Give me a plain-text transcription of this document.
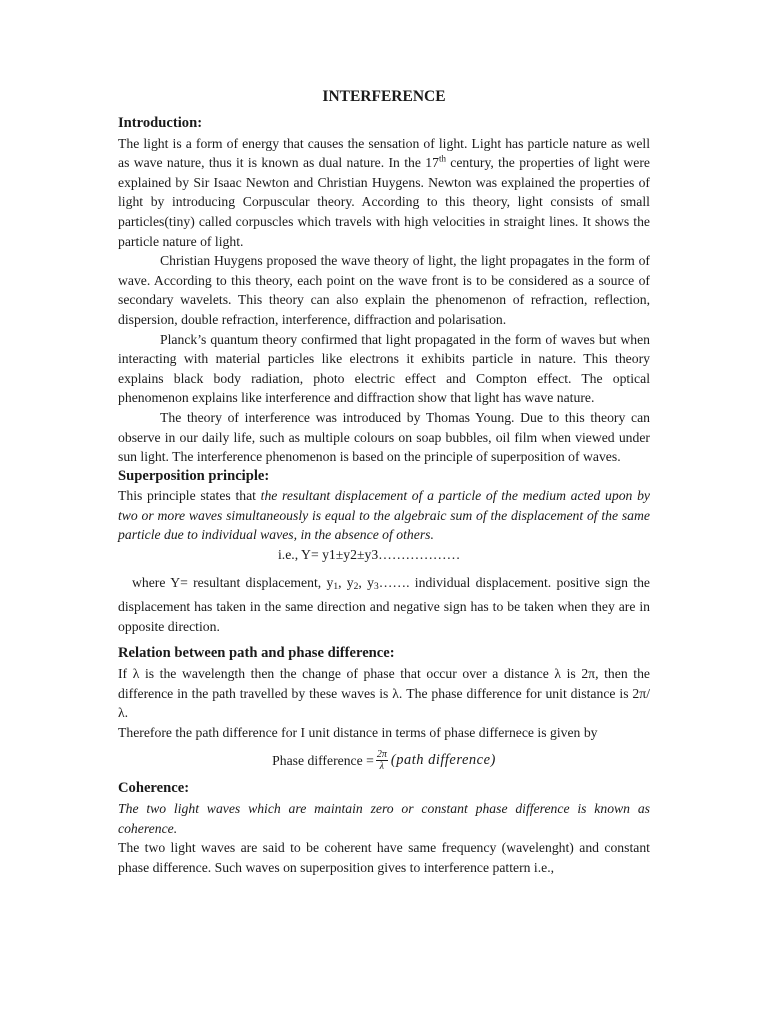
INTERFERENCE
Introduction:

The light is a form of energy that causes the sensation of light. Light has particle nature as well as wave nature, thus it is known as dual nature. In the 17th century, the properties of light were explained by Sir Isaac Newton and Christian Huygens. Newton was explained the properties of light by introducing Corpuscular theory. According to this theory, light consists of small particles(tiny) called corpuscles which travels with high velocities in straight lines. It shows the particle nature of light.

Christian Huygens proposed the wave theory of light, the light propagates in the form of wave. According to this theory, each point on the wave front is to be considered as a source of secondary wavelets. This theory can also explain the phenomenon of refraction, reflection, dispersion, double refraction, interference, diffraction and polarisation.

Planck’s quantum theory confirmed that light propagated in the form of waves but when interacting with material particles like electrons it exhibits particle in nature. This theory explains black body radiation, photo electric effect and Compton effect. The optical phenomenon explains like interference and diffraction show that light has wave nature.

The theory of interference was introduced by Thomas Young. Due to this theory can observe in our daily life, such as multiple colours on soap bubbles, oil film when viewed under sun light. The interference phenomenon is based on the principle of superposition of waves.

Superposition principle:

This principle states that the resultant displacement of a particle of the medium acted upon by two or more waves simultaneously is equal to the algebraic sum of the displacement of the same particle due to individual waves, in the absence of others.

i.e., Y= y1±y2±y3………………

where Y= resultant displacement, $y_1$, $y_2$, $y_3\dots\dots$. individual displacement. positive sign the displacement has taken in the same direction and negative sign has to be taken when they are in opposite direction.

Relation between path and phase difference:

If λ is the wavelength then the change of phase that occur over a distance λ is 2π, then the difference in the path travelled by these waves is λ. The phase difference for unit distance is 2π/λ.

Therefore the path difference for I unit distance in terms of phase differnece is given by

Phase difference = $\frac{2\pi}{\lambda}$ (path difference)
Coherence:

The two light waves which are maintain zero or constant phase difference is known as coherence.

The two light waves are said to be coherent have same frequency (wavelenght) and constant phase difference. Such waves on superposition gives to interference pattern i.e.,
